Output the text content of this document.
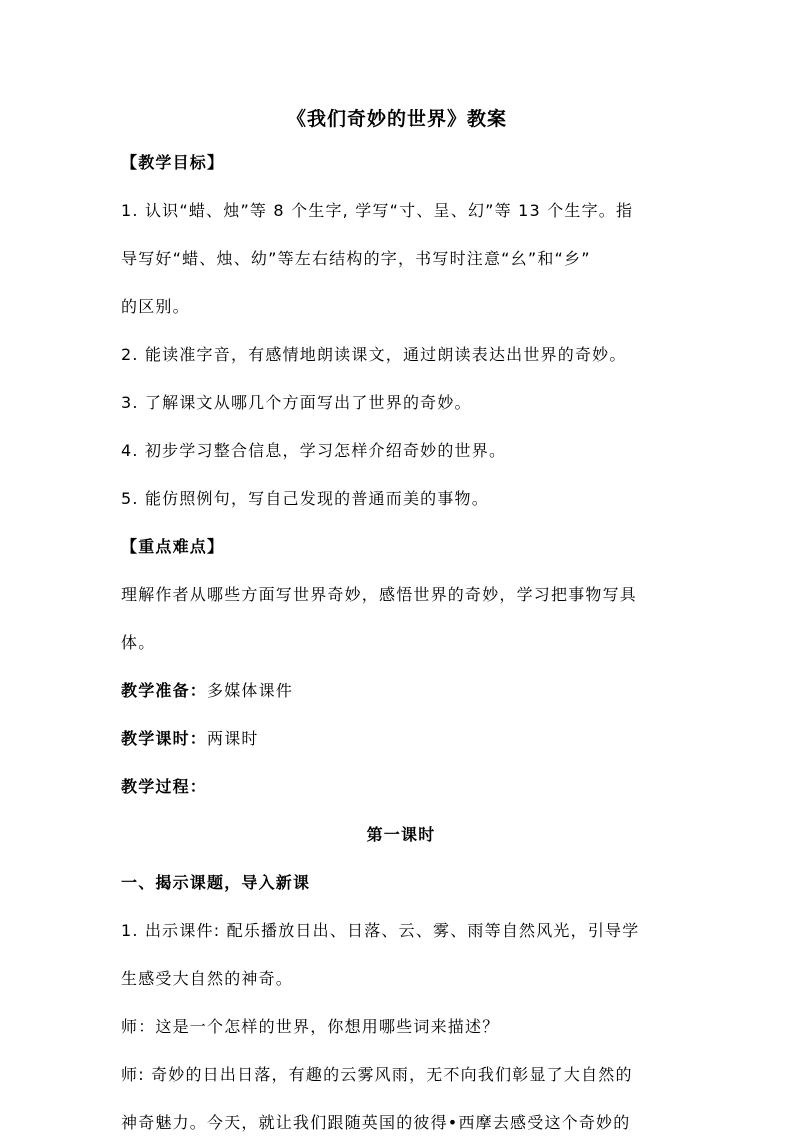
《我们奇妙的世界》教案

【教学目标】

1. 认识“蜡、烛”等 8 个生字, 学写“寸、呈、幻”等 13 个生字。指

导写好“蜡、烛、幼”等左右结构的字，书写时注意“幺”和“乡”

的区别。

2. 能读准字音，有感情地朗读课文，通过朗读表达出世界的奇妙。

3. 了解课文从哪几个方面写出了世界的奇妙。

4. 初步学习整合信息，学习怎样介绍奇妙的世界。

5. 能仿照例句，写自己发现的普通而美的事物。

【重点难点】

理解作者从哪些方面写世界奇妙，感悟世界的奇妙，学习把事物写具

体。

教学准备：多媒体课件

教学课时：两课时

教学过程：

第一课时

一、揭示课题，导入新课

1. 出示课件: 配乐播放日出、日落、云、雾、雨等自然风光，引导学

生感受大自然的神奇。

师：这是一个怎样的世界，你想用哪些词来描述？

师: 奇妙的日出日落，有趣的云雾风雨，无不向我们彰显了大自然的

神奇魅力。今天，就让我们跟随英国的彼得•西摩去感受这个奇妙的
